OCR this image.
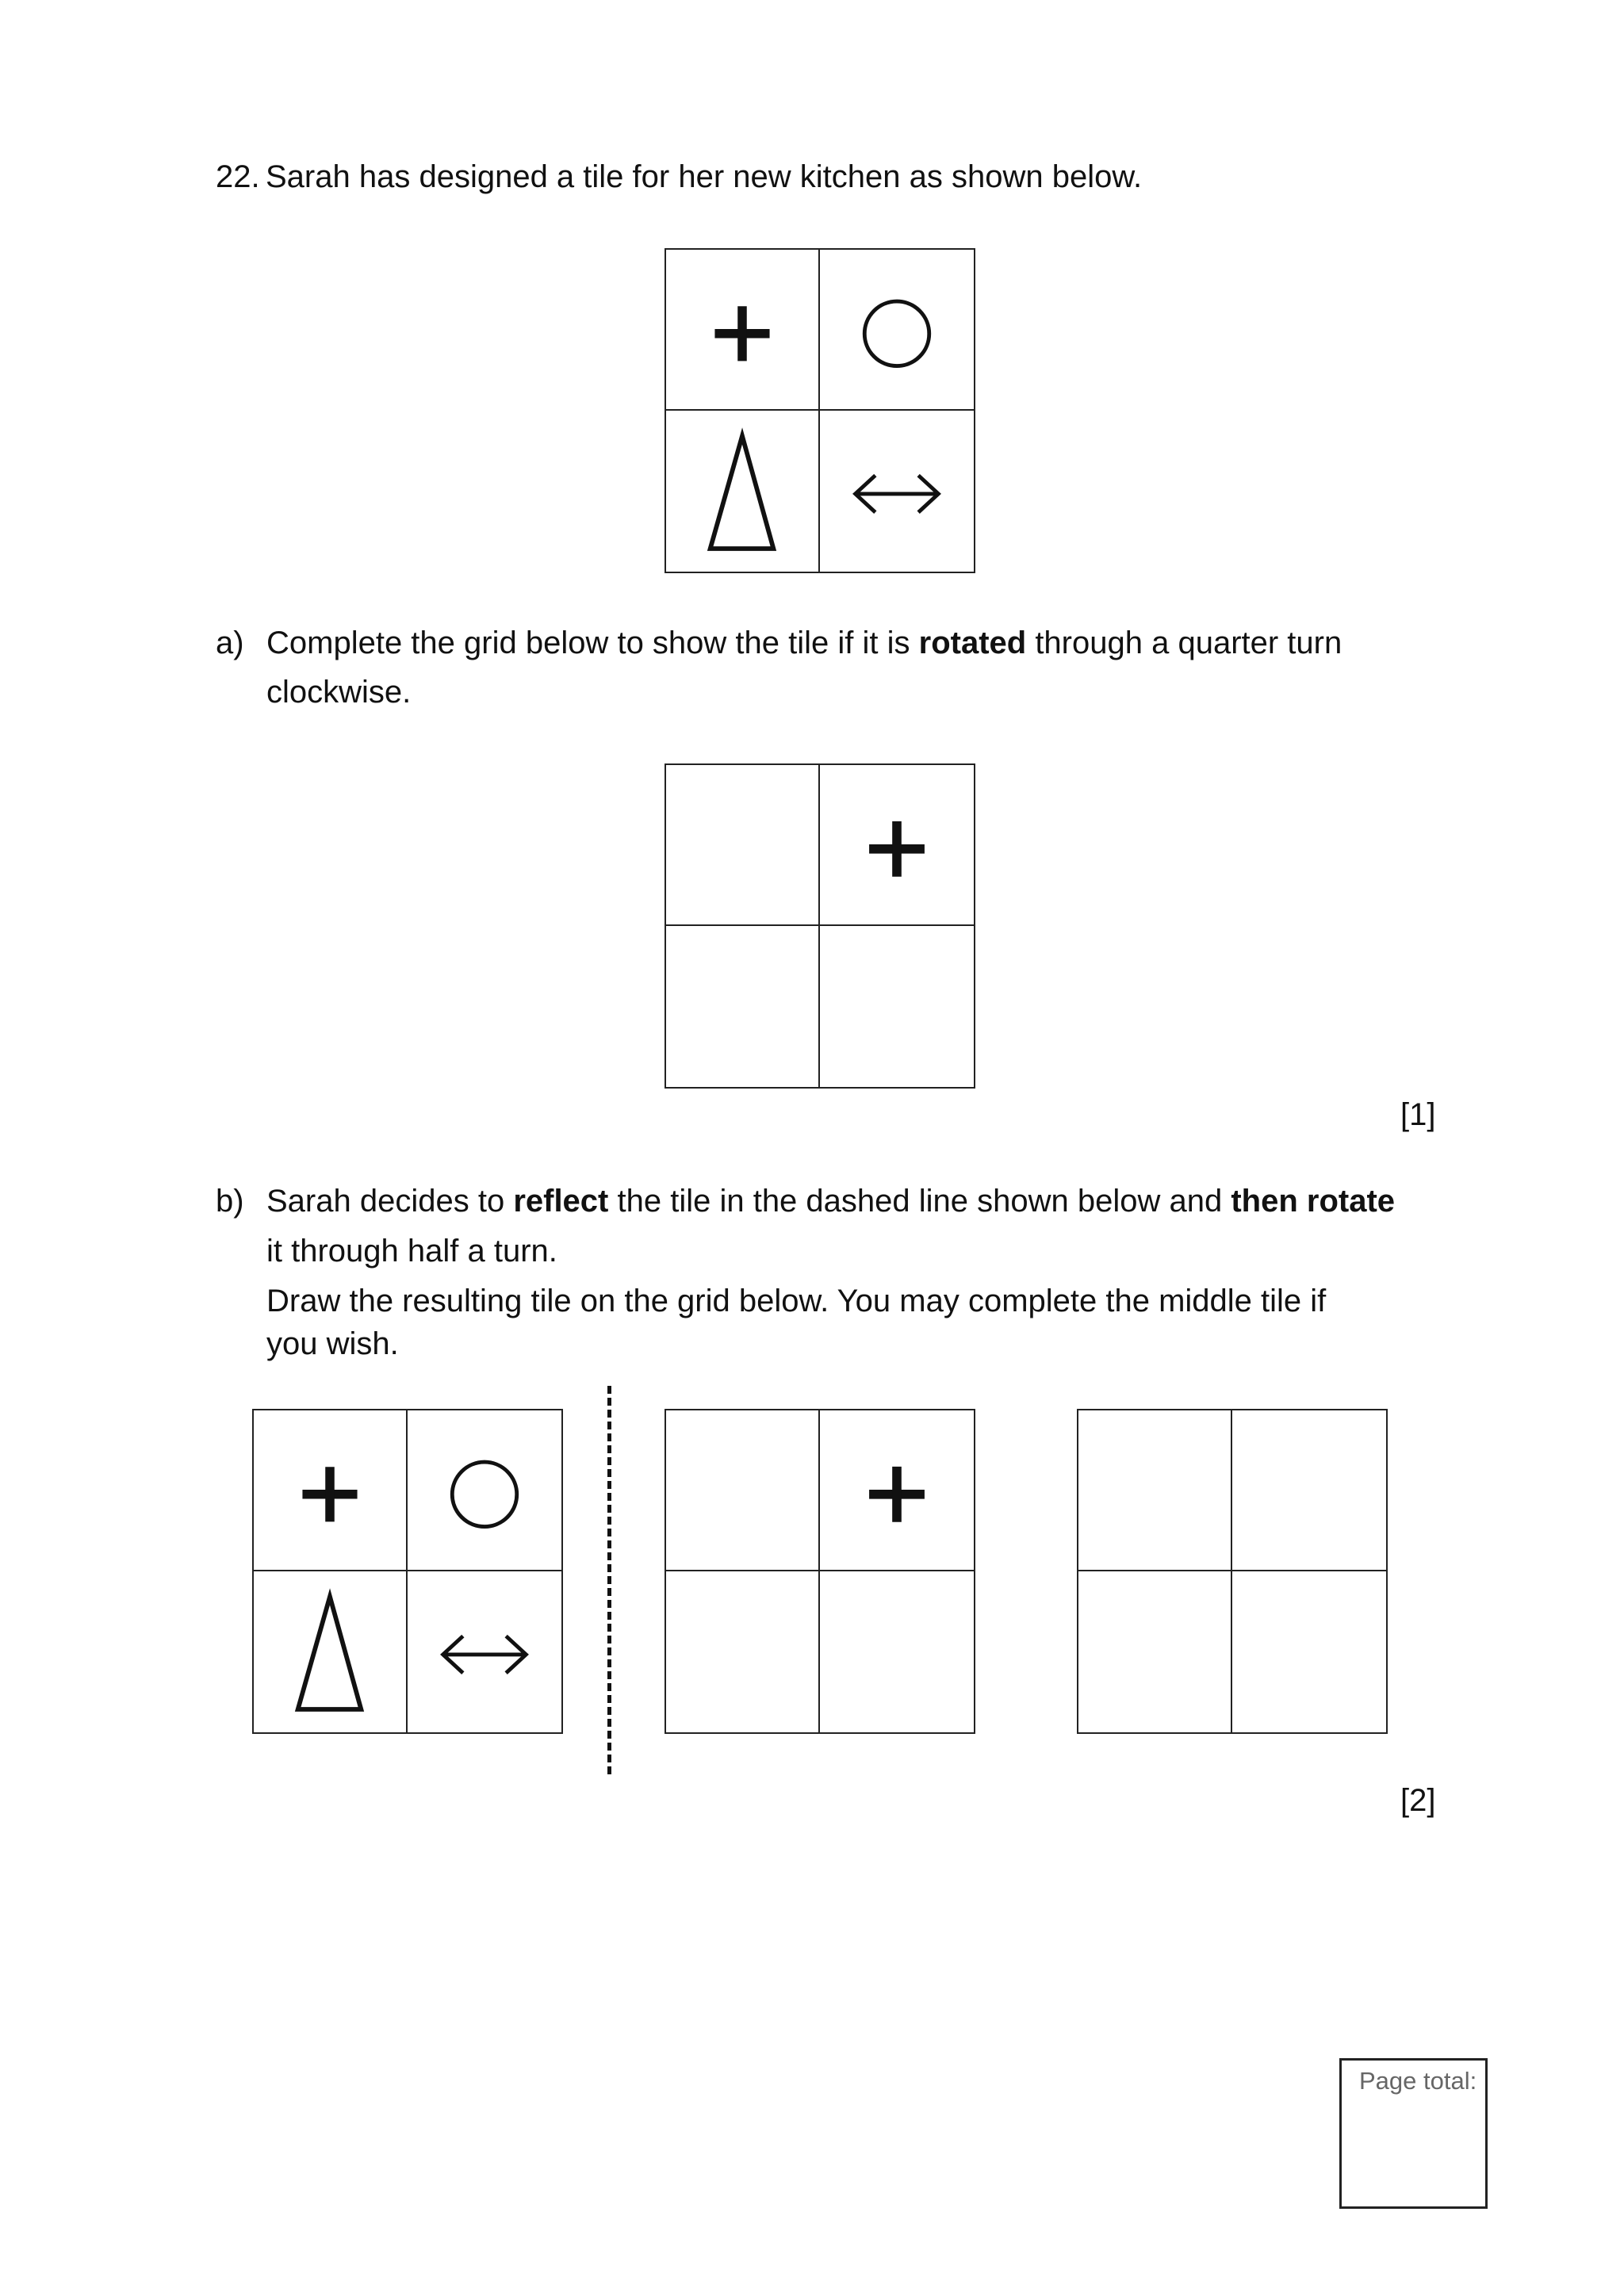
22. Sarah has designed a tile for her new kitchen as shown below.
a) Complete the grid below to show the tile if it is rotated through a quarter turn
clockwise.
[1]
b) Sarah decides to reflect the tile in the dashed line shown below and then rotate
it through half a turn.
Draw the resulting tile on the grid below. You may complete the middle tile if
you wish.
[2]
Page total:
